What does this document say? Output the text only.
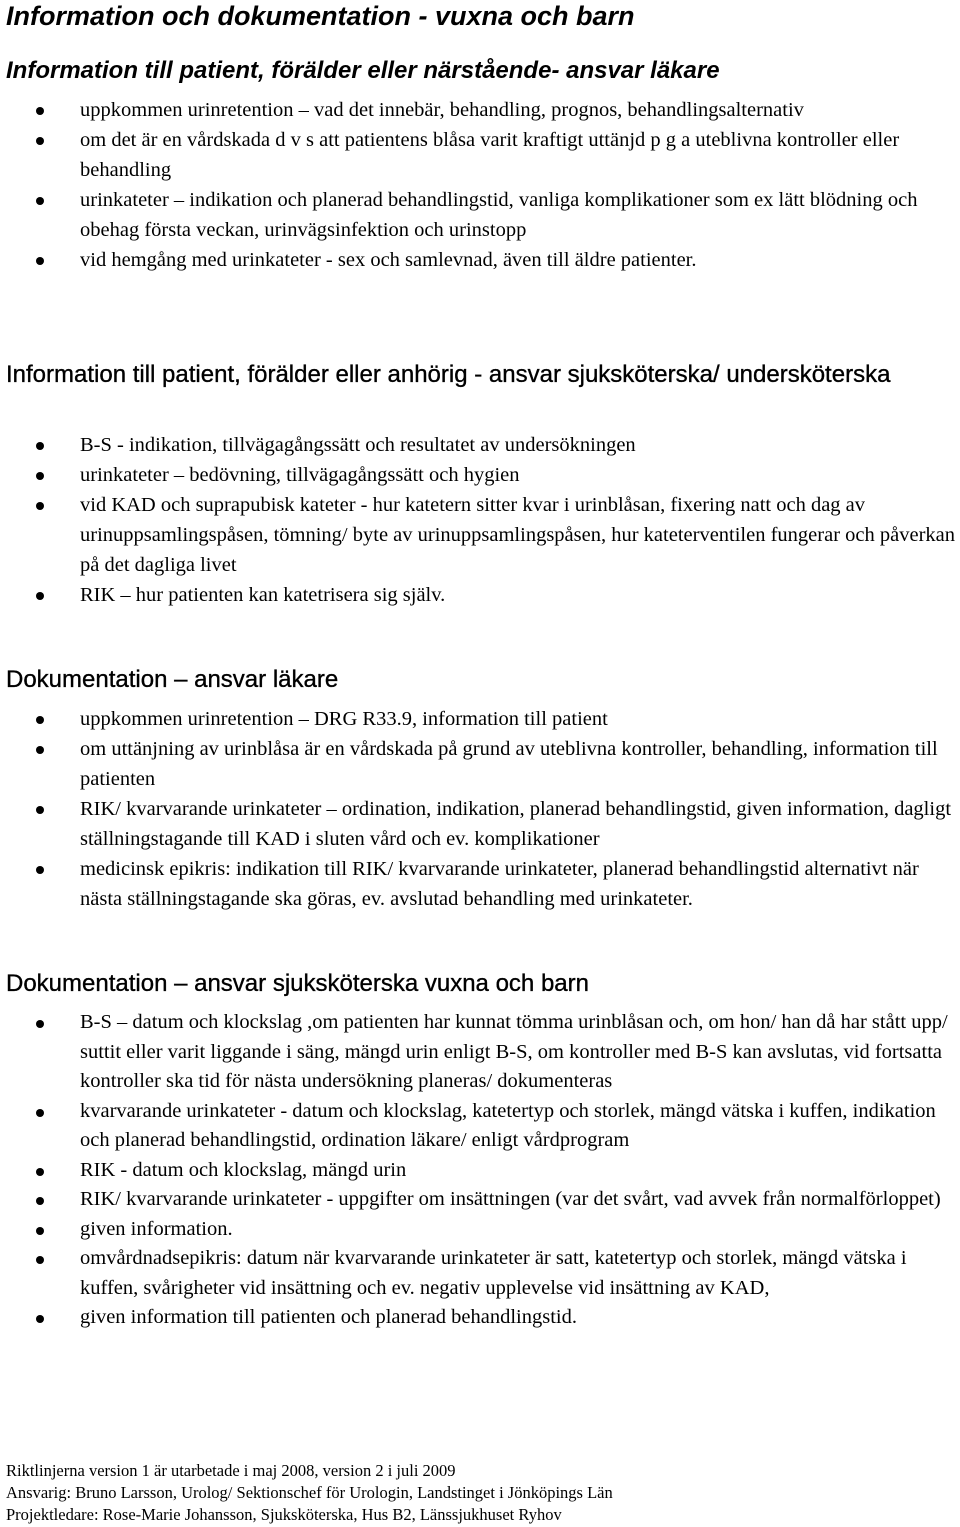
Information och dokumentation - vuxna och barn
Information till patient, förälder eller närstående- ansvar läkare
uppkommen urinretention – vad det innebär, behandling, prognos, behandlingsalternativ
om det är en vårdskada d v s att patientens blåsa varit kraftigt uttänjd p g a uteblivna kontroller eller behandling
urinkateter – indikation och planerad behandlingstid, vanliga komplikationer som ex lätt blödning och obehag första veckan, urinvägsinfektion och urinstopp
vid hemgång med urinkateter - sex och samlevnad, även till äldre patienter.
Information till patient, förälder eller anhörig - ansvar sjuksköterska/ undersköterska
B-S - indikation, tillvägagångssätt och resultatet av undersökningen
urinkateter – bedövning, tillvägagångssätt och hygien
vid KAD och suprapubisk kateter - hur katetern sitter kvar i urinblåsan, fixering natt och dag av urinuppsamlingspåsen, tömning/ byte av urinuppsamlingspåsen, hur kateterventilen fungerar och påverkan på det dagliga livet
RIK – hur patienten kan katetrisera sig själv.
Dokumentation – ansvar läkare
uppkommen urinretention – DRG R33.9, information till patient
om uttänjning av urinblåsa är en vårdskada på grund av uteblivna kontroller, behandling, information till patienten
RIK/ kvarvarande urinkateter – ordination, indikation, planerad behandlingstid, given information, dagligt ställningstagande till KAD i sluten vård och ev. komplikationer
medicinsk epikris: indikation till RIK/ kvarvarande urinkateter, planerad behandlingstid alternativt när nästa ställningstagande ska göras, ev. avslutad behandling med urinkateter.
Dokumentation – ansvar sjuksköterska vuxna och barn
B-S – datum och klockslag ,om patienten har kunnat tömma urinblåsan och, om hon/ han då har stått upp/ suttit eller varit liggande i säng, mängd urin enligt B-S, om kontroller med B-S kan avslutas, vid fortsatta kontroller ska tid för nästa undersökning planeras/ dokumenteras
kvarvarande urinkateter - datum och klockslag, katetertyp och storlek, mängd vätska i kuffen, indikation och planerad behandlingstid, ordination läkare/ enligt vårdprogram
RIK - datum och klockslag, mängd urin
RIK/ kvarvarande urinkateter - uppgifter om insättningen (var det svårt, vad avvek från normalförloppet)
given information.
omvårdnadsepikris: datum när kvarvarande urinkateter är satt, katetertyp och storlek, mängd vätska i kuffen, svårigheter vid insättning och ev. negativ upplevelse vid insättning av KAD,
given information till patienten och planerad behandlingstid.
Riktlinjerna version 1 är utarbetade i maj 2008, version 2 i juli 2009
Ansvarig: Bruno Larsson, Urolog/ Sektionschef för Urologin, Landstinget i Jönköpings Län
Projektledare: Rose-Marie Johansson, Sjuksköterska, Hus B2, Länssjukhuset Ryhov
